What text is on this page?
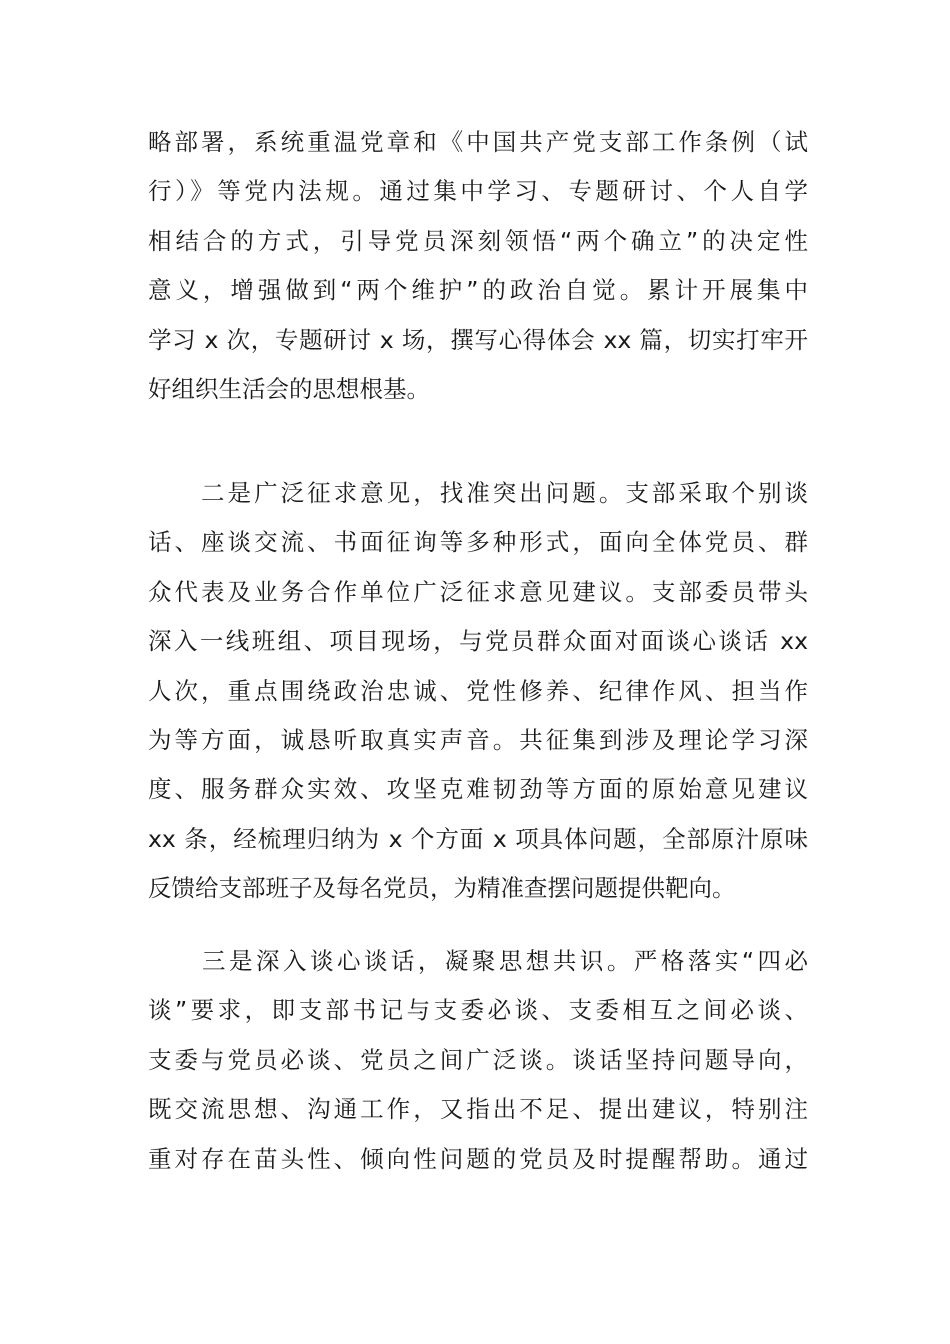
略部署，系统重温党章和《中国共产党支部工作条例（试
行）》等党内法规。通过集中学习、专题研讨、个人自学
相结合的方式，引导党员深刻领悟“两个确立”的决定性
意义，增强做到“两个维护”的政治自觉。累计开展集中
学习 x 次，专题研讨 x 场，撰写心得体会 xx 篇，切实打牢开
好组织生活会的思想根基。
　　二是广泛征求意见，找准突出问题。支部采取个别谈
话、座谈交流、书面征询等多种形式，面向全体党员、群
众代表及业务合作单位广泛征求意见建议。支部委员带头
深入一线班组、项目现场，与党员群众面对面谈心谈话 xx
人次，重点围绕政治忠诚、党性修养、纪律作风、担当作
为等方面，诚恳听取真实声音。共征集到涉及理论学习深
度、服务群众实效、攻坚克难韧劲等方面的原始意见建议
xx 条，经梳理归纳为 x 个方面 x 项具体问题，全部原汁原味
反馈给支部班子及每名党员，为精准查摆问题提供靶向。
　　三是深入谈心谈话，凝聚思想共识。严格落实“四必
谈”要求，即支部书记与支委必谈、支委相互之间必谈、
支委与党员必谈、党员之间广泛谈。谈话坚持问题导向，
既交流思想、沟通工作，又指出不足、提出建议，特别注
重对存在苗头性、倾向性问题的党员及时提醒帮助。通过
